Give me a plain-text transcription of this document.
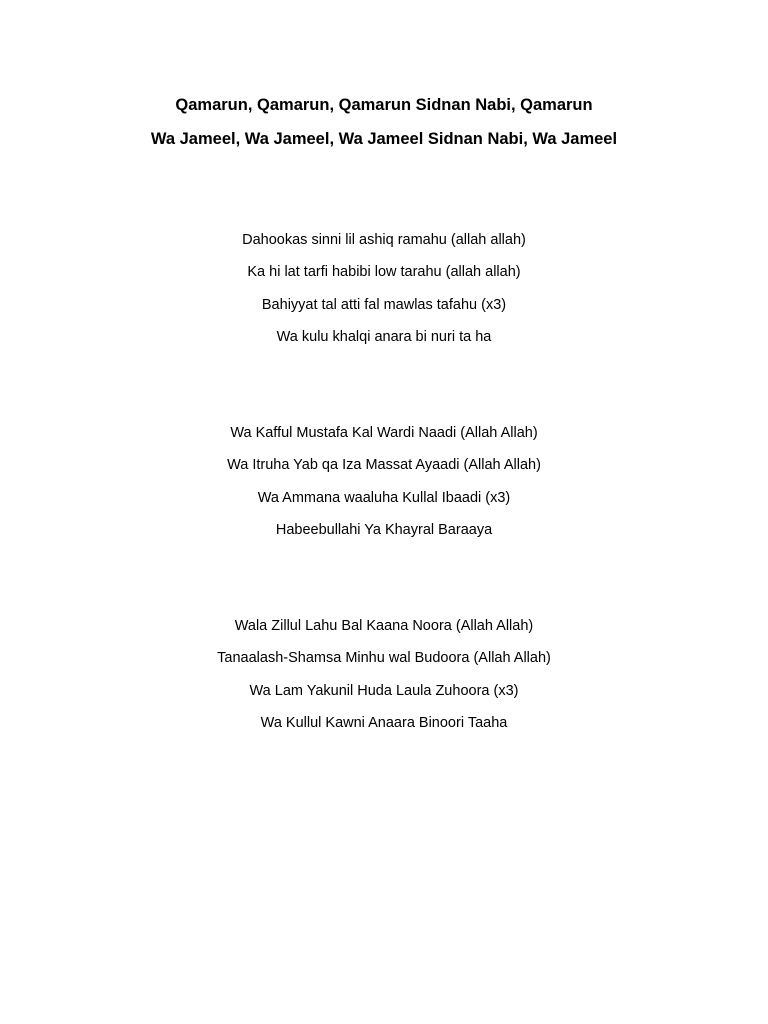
Qamarun, Qamarun, Qamarun Sidnan Nabi, Qamarun
Wa Jameel, Wa Jameel, Wa Jameel Sidnan Nabi, Wa Jameel
Dahookas sinni lil ashiq ramahu (allah allah)
Ka hi lat tarfi habibi low tarahu (allah allah)
Bahiyyat tal atti fal mawlas tafahu (x3)
Wa kulu khalqi anara bi nuri ta ha
Wa Kafful Mustafa Kal Wardi Naadi (Allah Allah)
Wa Itruha Yab qa Iza Massat Ayaadi (Allah Allah)
Wa Ammana waaluha Kullal Ibaadi (x3)
Habeebullahi Ya Khayral Baraaya
Wala Zillul Lahu Bal Kaana Noora (Allah Allah)
Tanaalash-Shamsa Minhu wal Budoora (Allah Allah)
Wa Lam Yakunil Huda Laula Zuhoora (x3)
Wa Kullul Kawni Anaara Binoori Taaha
